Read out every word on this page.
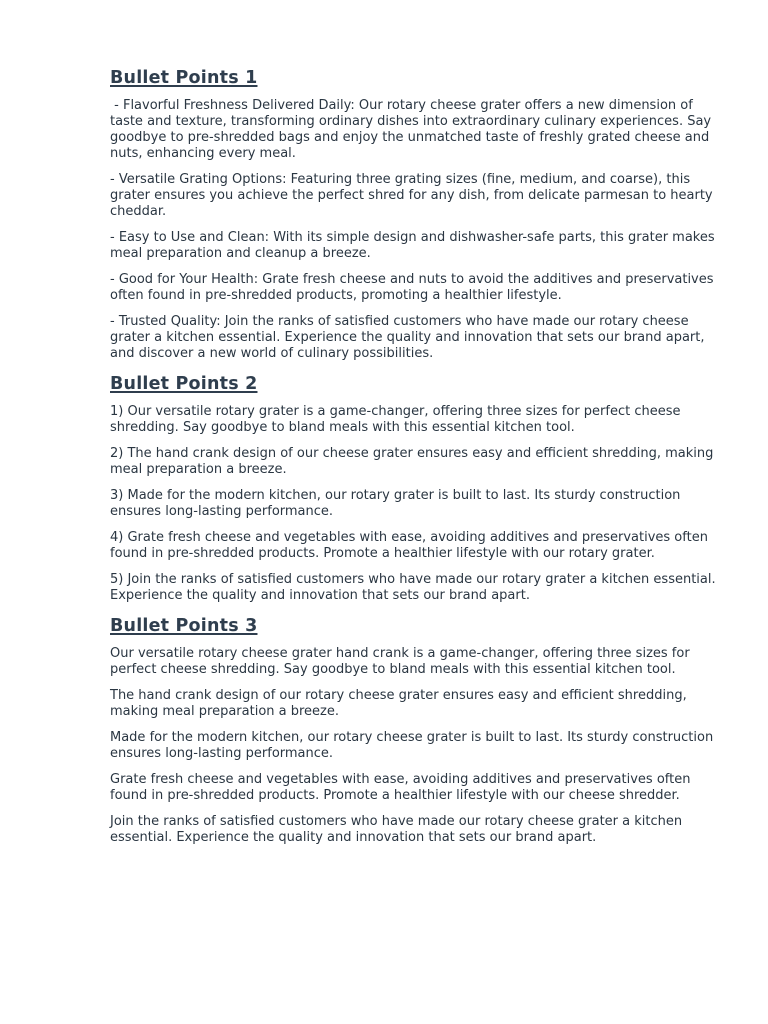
Bullet Points 1

- Flavorful Freshness Delivered Daily: Our rotary cheese grater offers a new dimension of taste and texture, transforming ordinary dishes into extraordinary culinary experiences. Say goodbye to pre-shredded bags and enjoy the unmatched taste of freshly grated cheese and nuts, enhancing every meal.

- Versatile Grating Options: Featuring three grating sizes (fine, medium, and coarse), this grater ensures you achieve the perfect shred for any dish, from delicate parmesan to hearty cheddar.

- Easy to Use and Clean: With its simple design and dishwasher-safe parts, this grater makes meal preparation and cleanup a breeze.

- Good for Your Health: Grate fresh cheese and nuts to avoid the additives and preservatives often found in pre-shredded products, promoting a healthier lifestyle.

- Trusted Quality: Join the ranks of satisfied customers who have made our rotary cheese grater a kitchen essential. Experience the quality and innovation that sets our brand apart, and discover a new world of culinary possibilities.

Bullet Points 2

1) Our versatile rotary grater is a game-changer, offering three sizes for perfect cheese shredding. Say goodbye to bland meals with this essential kitchen tool.

2) The hand crank design of our cheese grater ensures easy and efficient shredding, making meal preparation a breeze.

3) Made for the modern kitchen, our rotary grater is built to last. Its sturdy construction ensures long-lasting performance.

4) Grate fresh cheese and vegetables with ease, avoiding additives and preservatives often found in pre-shredded products. Promote a healthier lifestyle with our rotary grater.

5) Join the ranks of satisfied customers who have made our rotary grater a kitchen essential. Experience the quality and innovation that sets our brand apart.

Bullet Points 3

Our versatile rotary cheese grater hand crank is a game-changer, offering three sizes for perfect cheese shredding. Say goodbye to bland meals with this essential kitchen tool.

The hand crank design of our rotary cheese grater ensures easy and efficient shredding, making meal preparation a breeze.

Made for the modern kitchen, our rotary cheese grater is built to last. Its sturdy construction ensures long-lasting performance.

Grate fresh cheese and vegetables with ease, avoiding additives and preservatives often found in pre-shredded products. Promote a healthier lifestyle with our cheese shredder.

Join the ranks of satisfied customers who have made our rotary cheese grater a kitchen essential. Experience the quality and innovation that sets our brand apart.
